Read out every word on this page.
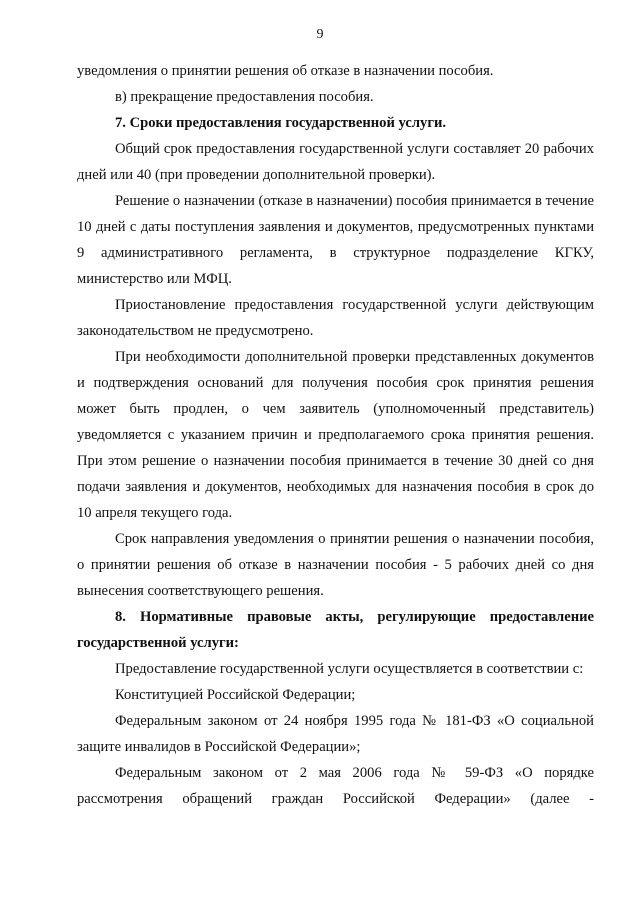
9

уведомления о принятии решения об отказе в назначении пособия.

в) прекращение предоставления пособия.

7. Сроки предоставления государственной услуги.

Общий срок предоставления государственной услуги составляет 20 рабочих дней или 40 (при проведении дополнительной проверки).

Решение о назначении (отказе в назначении) пособия принимается в течение 10 дней с даты поступления заявления и документов, предусмотренных пунктами 9 административного регламента, в структурное подразделение КГКУ, министерство или МФЦ.

Приостановление предоставления государственной услуги действующим законодательством не предусмотрено.

При необходимости дополнительной проверки представленных документов и подтверждения оснований для получения пособия срок принятия решения может быть продлен, о чем заявитель (уполномоченный представитель) уведомляется с указанием причин и предполагаемого срока принятия решения. При этом решение о назначении пособия принимается в течение 30 дней со дня подачи заявления и документов, необходимых для назначения пособия в срок до 10 апреля текущего года.

Срок направления уведомления о принятии решения о назначении пособия, о принятии решения об отказе в назначении пособия - 5 рабочих дней со дня вынесения соответствующего решения.

8. Нормативные правовые акты, регулирующие предоставление государственной услуги:

Предоставление государственной услуги осуществляется в соответствии с:

Конституцией Российской Федерации;

Федеральным законом от 24 ноября 1995 года № 181-ФЗ «О социальной защите инвалидов в Российской Федерации»;

Федеральным законом от 2 мая 2006 года № 59-ФЗ «О порядке рассмотрения обращений граждан Российской Федерации» (далее -
